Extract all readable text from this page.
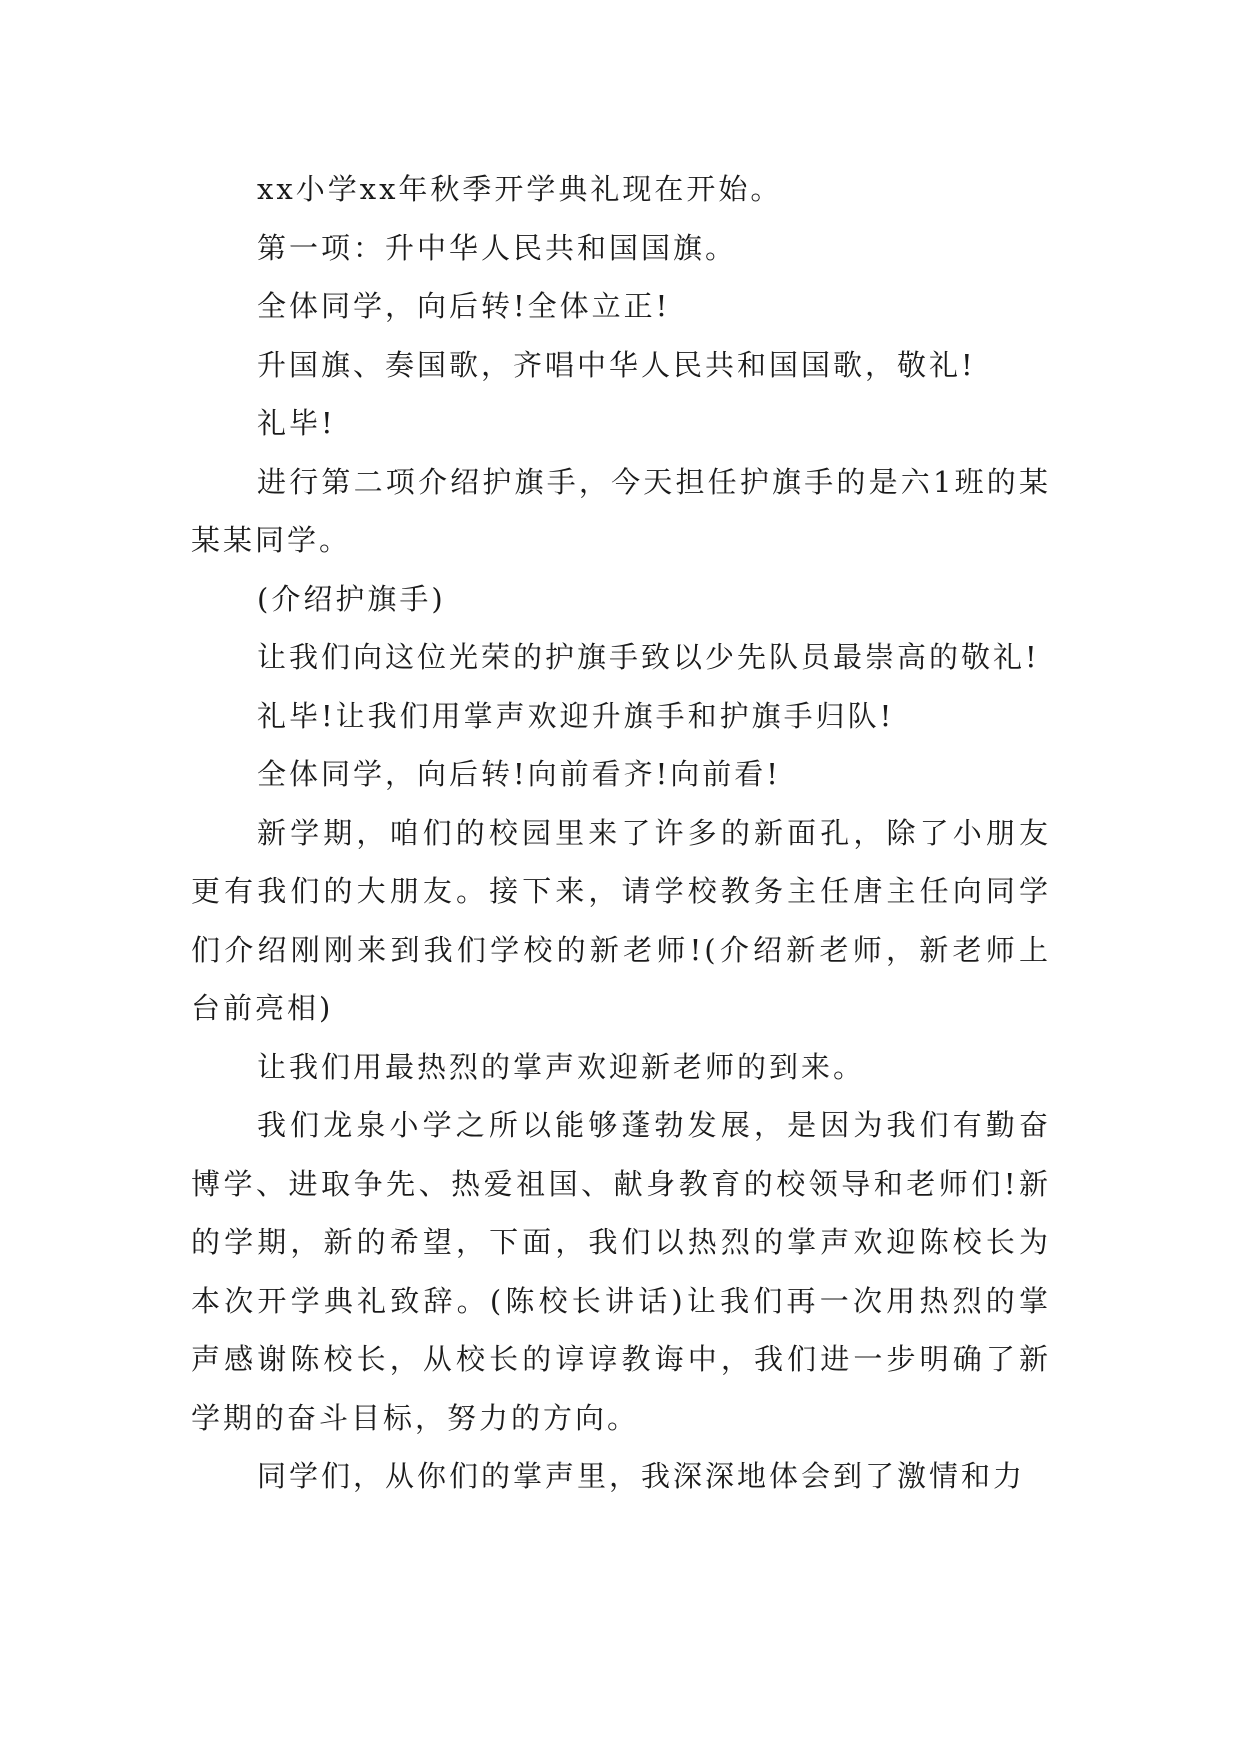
xx小学xx年秋季开学典礼现在开始。

第一项：升中华人民共和国国旗。

全体同学，向后转!全体立正!

升国旗、奏国歌，齐唱中华人民共和国国歌，敬礼!

礼毕!

进行第二项介绍护旗手，今天担任护旗手的是六1班的某某某同学。

(介绍护旗手)

让我们向这位光荣的护旗手致以少先队员最崇高的敬礼!

礼毕!让我们用掌声欢迎升旗手和护旗手归队!

全体同学，向后转!向前看齐!向前看!

新学期，咱们的校园里来了许多的新面孔，除了小朋友更有我们的大朋友。接下来，请学校教务主任唐主任向同学们介绍刚刚来到我们学校的新老师!(介绍新老师，新老师上台前亮相)

让我们用最热烈的掌声欢迎新老师的到来。

我们龙泉小学之所以能够蓬勃发展，是因为我们有勤奋博学、进取争先、热爱祖国、献身教育的校领导和老师们!新的学期，新的希望，下面，我们以热烈的掌声欢迎陈校长为本次开学典礼致辞。(陈校长讲话)让我们再一次用热烈的掌声感谢陈校长，从校长的谆谆教诲中，我们进一步明确了新学期的奋斗目标，努力的方向。

同学们，从你们的掌声里，我深深地体会到了激情和力
